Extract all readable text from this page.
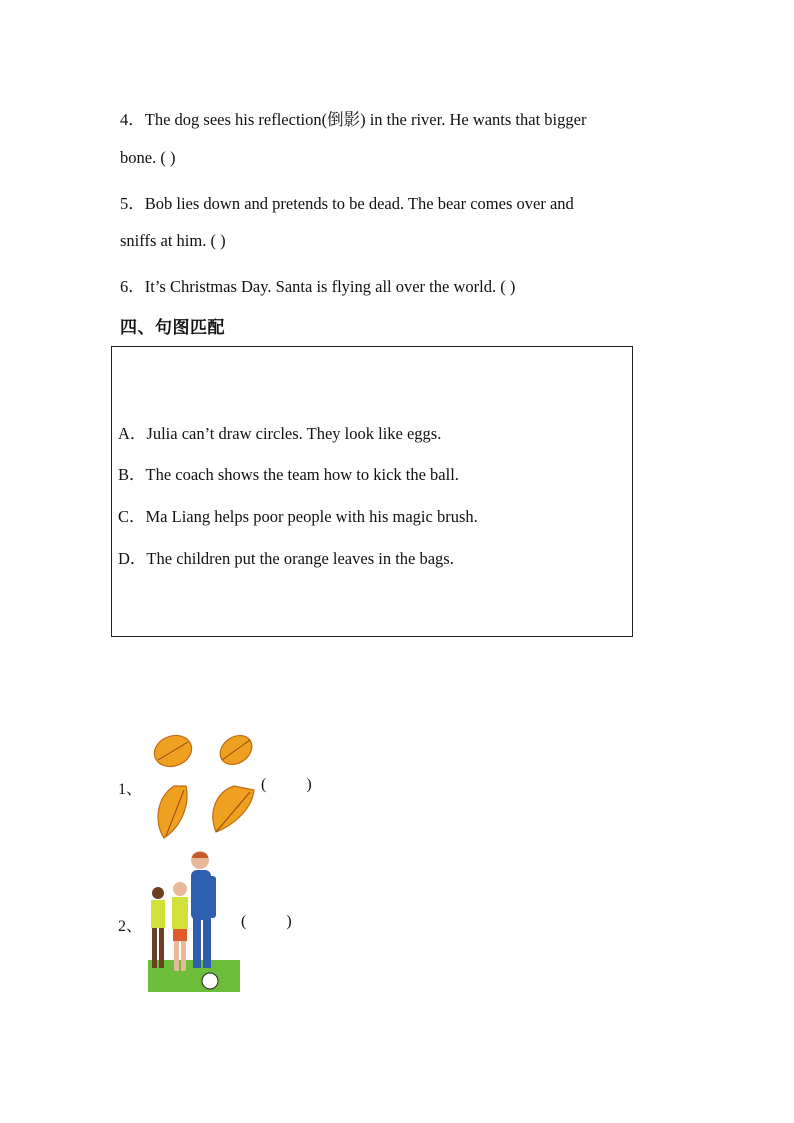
4．The dog sees his reflection(倒影) in the river. He wants that bigger
bone. ( )
5．Bob lies down and pretends to be dead. The bear comes over and
sniffs at him. ( )
6．It’s Christmas Day. Santa is flying all over the world. ( )
四、句图匹配
A．Julia can’t draw circles. They look like eggs.
B．The coach shows the team how to kick the ball.
C．Ma Liang helps poor people with his magic brush.
D．The children put the orange leaves in the bags.
1、	(          )
2、	(          )
